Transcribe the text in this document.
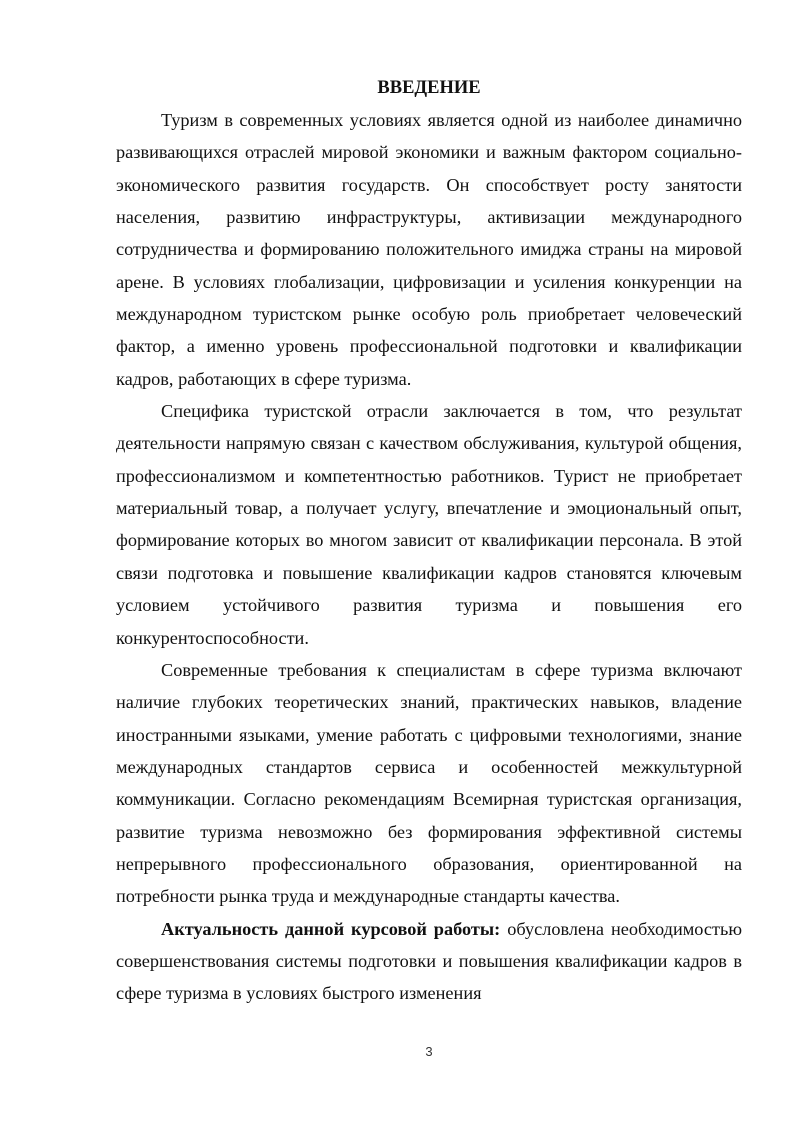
ВВЕДЕНИЕ

Туризм в современных условиях является одной из наиболее динамично развивающихся отраслей мировой экономики и важным фактором социально-экономического развития государств. Он способствует росту занятости населения, развитию инфраструктуры, активизации международного сотрудничества и формированию положительного имиджа страны на мировой арене. В условиях глобализации, цифровизации и усиления конкуренции на международном туристском рынке особую роль приобретает человеческий фактор, а именно уровень профессиональной подготовки и квалификации кадров, работающих в сфере туризма.

Специфика туристской отрасли заключается в том, что результат деятельности напрямую связан с качеством обслуживания, культурой общения, профессионализмом и компетентностью работников. Турист не приобретает материальный товар, а получает услугу, впечатление и эмоциональный опыт, формирование которых во многом зависит от квалификации персонала. В этой связи подготовка и повышение квалификации кадров становятся ключевым условием устойчивого развития туризма и повышения его конкурентоспособности.

Современные требования к специалистам в сфере туризма включают наличие глубоких теоретических знаний, практических навыков, владение иностранными языками, умение работать с цифровыми технологиями, знание международных стандартов сервиса и особенностей межкультурной коммуникации. Согласно рекомендациям Всемирная туристская организация, развитие туризма невозможно без формирования эффективной системы непрерывного профессионального образования, ориентированной на потребности рынка труда и международные стандарты качества.

Актуальность данной курсовой работы: обусловлена необходимостью совершенствования системы подготовки и повышения квалификации кадров в сфере туризма в условиях быстрого изменения

3
